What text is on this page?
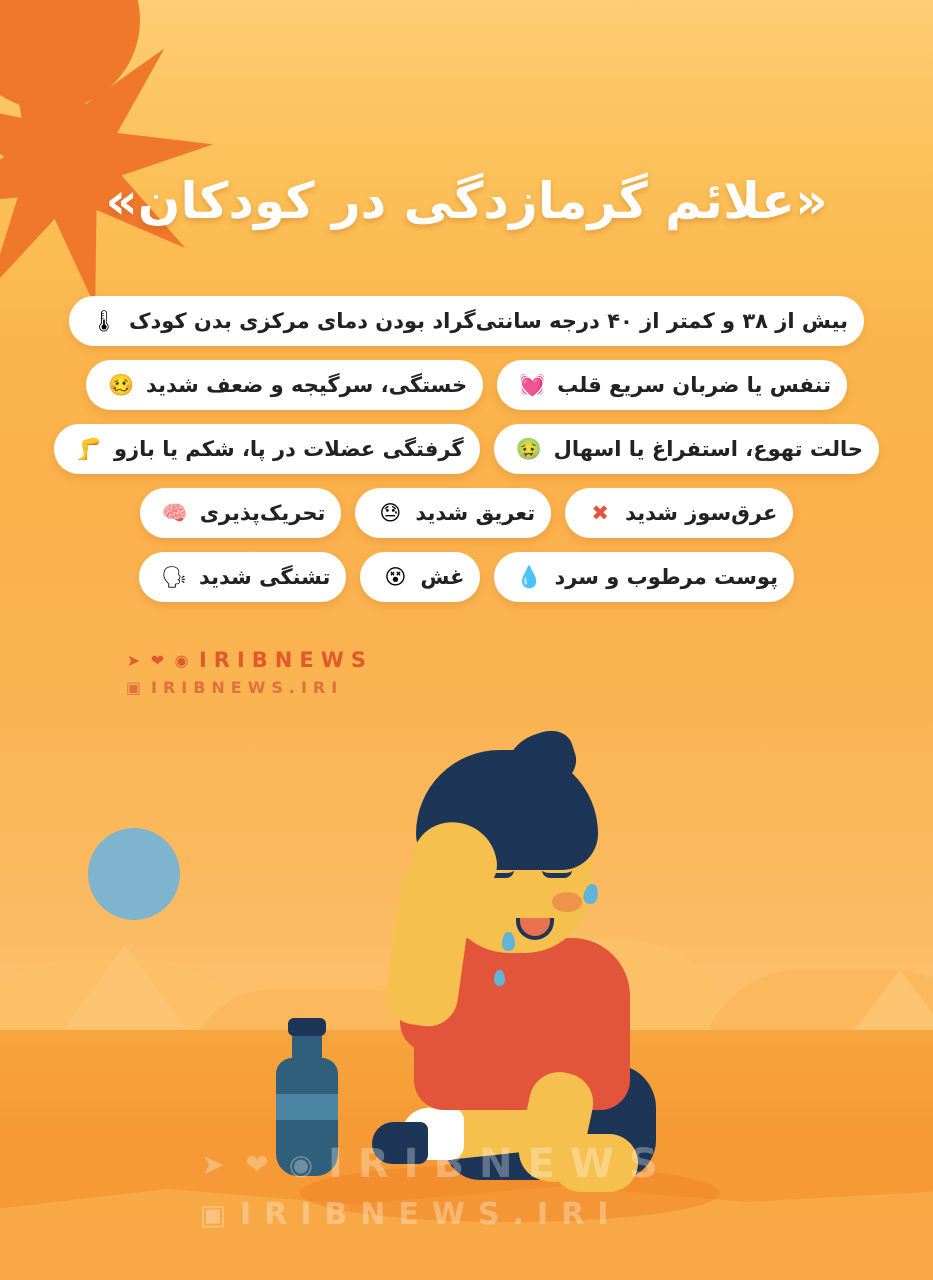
«علائم گرمازدگی در کودکان»
🌡 بیش از ۳۸ و کمتر از ۴۰ درجه سانتی‌گراد بودن دمای مرکزی بدن کودک
🥴 خستگی، سرگیجه و ضعف شدید 💓 تنفس یا ضربان سریع قلب
🦵 گرفتگی عضلات در پا، شکم یا بازو 🤢 حالت تهوع، استفراغ یا اسهال
🧠 تحریک‌پذیری	😓 تعریق شدید	✖ عرق‌سوز شدید
🗣 تشنگی شدید	😵 غش 💧 پوست مرطوب و سرد
➤ ❤ ◉ IRIBNEWS
▣ IRIBNEWS.IRI
➤ ❤ ◉ IRIBNEWS
▣ IRIBNEWS.IRI
